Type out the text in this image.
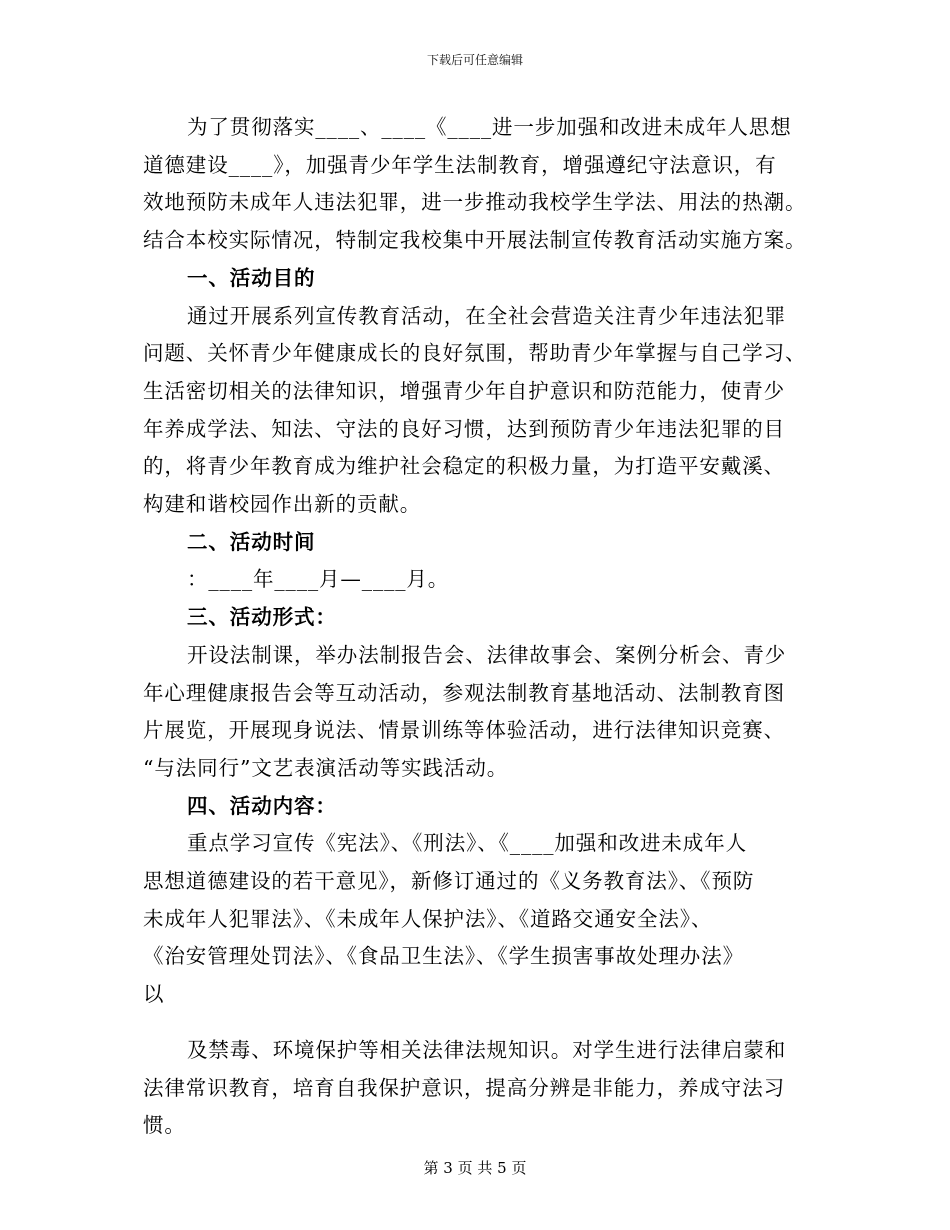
下载后可任意编辑
为了贯彻落实____、____《____进一步加强和改进未成年人思想
道德建设____》，加强青少年学生法制教育，增强遵纪守法意识，有
效地预防未成年人违法犯罪，进一步推动我校学生学法、用法的热潮。
结合本校实际情况，特制定我校集中开展法制宣传教育活动实施方案。
一、活动目的
通过开展系列宣传教育活动，在全社会营造关注青少年违法犯罪
问题、关怀青少年健康成长的良好氛围，帮助青少年掌握与自己学习、
生活密切相关的法律知识，增强青少年自护意识和防范能力，使青少
年养成学法、知法、守法的良好习惯，达到预防青少年违法犯罪的目
的，将青少年教育成为维护社会稳定的积极力量，为打造平安戴溪、
构建和谐校园作出新的贡献。
二、活动时间
：____年____月—____月。
三、活动形式：
开设法制课，举办法制报告会、法律故事会、案例分析会、青少
年心理健康报告会等互动活动，参观法制教育基地活动、法制教育图
片展览，开展现身说法、情景训练等体验活动，进行法律知识竞赛、
“与法同行”文艺表演活动等实践活动。
四、活动内容：
重点学习宣传《宪法》、《刑法》、《____加强和改进未成年人
思想道德建设的若干意见》，新修订通过的《义务教育法》、《预防
未成年人犯罪法》、《未成年人保护法》、《道路交通安全法》、
《治安管理处罚法》、《食品卫生法》、《学生损害事故处理办法》
以
及禁毒、环境保护等相关法律法规知识。对学生进行法律启蒙和
法律常识教育，培育自我保护意识，提高分辨是非能力，养成守法习
惯。
第 3 页 共 5 页
